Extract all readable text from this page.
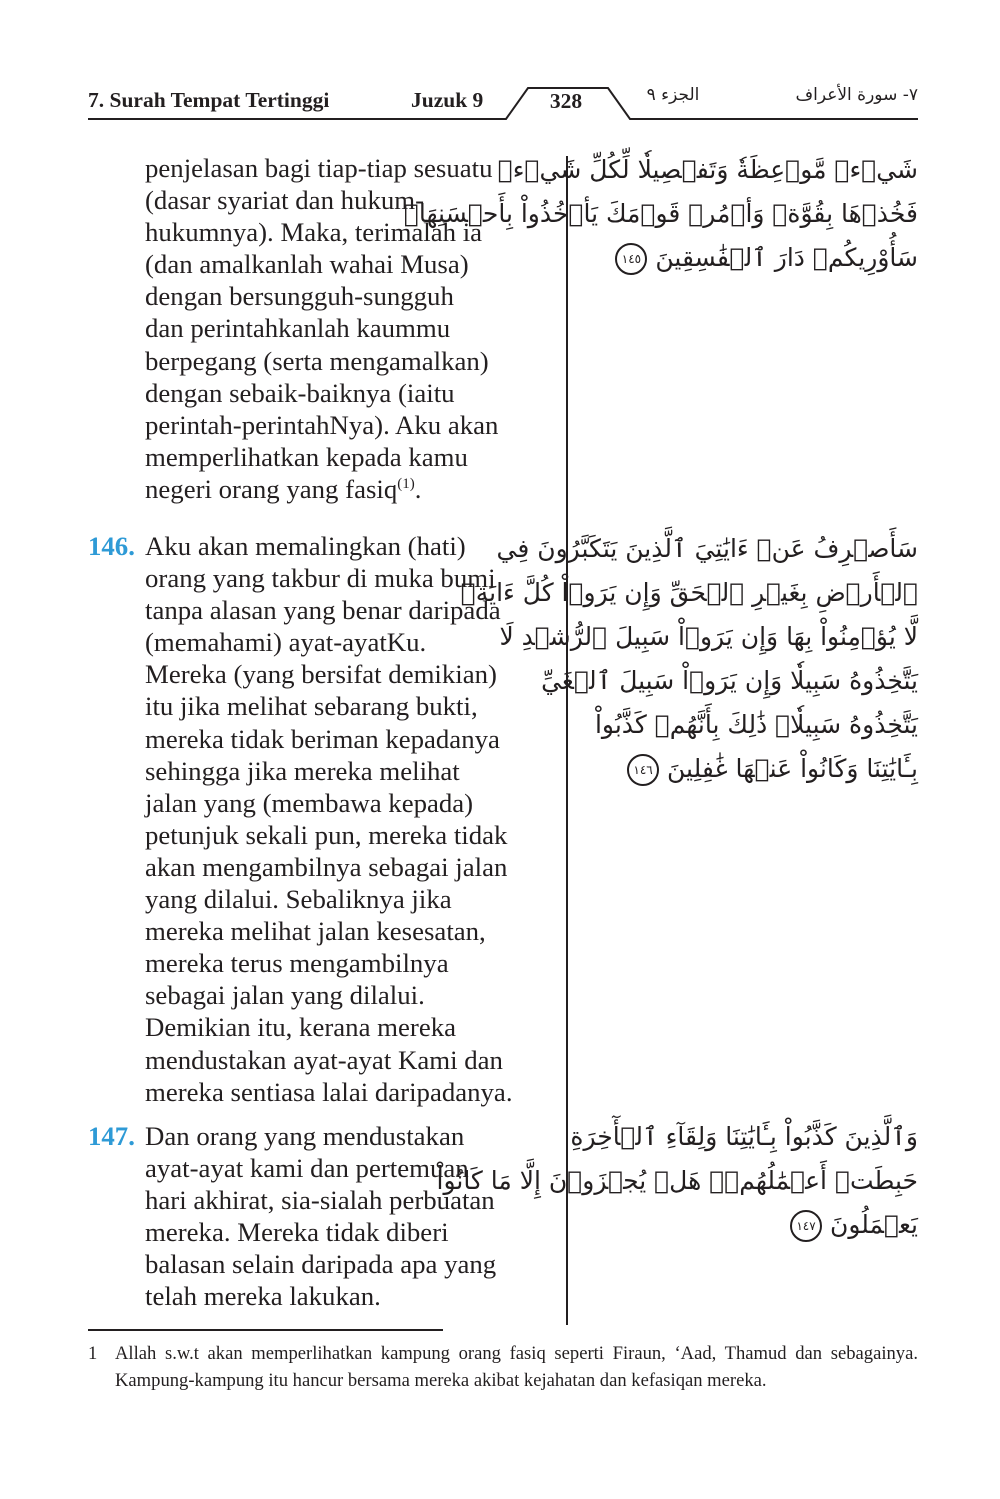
7. Surah Tempat Tertinggi	Juzuk 9	328	الجزء ٩	٧- سورة الأعراف
penjelasan bagi tiap-tiap sesuatu
(dasar syariat dan hukum-
hukumnya). Maka, terimalah ia
(dan amalkanlah wahai Musa)
dengan bersungguh-sungguh
dan perintahkanlah kaummu
berpegang (serta mengamalkan)
dengan sebaik-baiknya (iaitu
perintah-perintahNya). Aku akan
memperlihatkan kepada kamu
negeri orang yang fasiq$^{(1)}$.
شَيۡءٖ مَّوۡعِظَةٗ وَتَفۡصِيلٗا لِّكُلِّ شَيۡءٖ
فَخُذۡهَا بِقُوَّةٖ وَأۡمُرۡ قَوۡمَكَ يَأۡخُذُواْ بِأَحۡسَنِهَاۚ
سَأُوْرِيكُمۡ دَارَ ٱلۡفَٰسِقِينَ ١٤٥
146. Aku akan memalingkan (hati)
orang yang takbur di muka bumi
tanpa alasan yang benar daripada
(memahami) ayat-ayatKu.
Mereka (yang bersifat demikian)
itu jika melihat sebarang bukti,
mereka tidak beriman kepadanya
sehingga jika mereka melihat
jalan yang (membawa kepada)
petunjuk sekali pun, mereka tidak
akan mengambilnya sebagai jalan
yang dilalui. Sebaliknya jika
mereka melihat jalan kesesatan,
mereka terus mengambilnya
sebagai jalan yang dilalui.
Demikian itu, kerana mereka
mendustakan ayat-ayat Kami dan
mereka sentiasa lalai daripadanya.
سَأَصۡرِفُ عَنۡ ءَايَٰتِيَ ٱلَّذِينَ يَتَكَبَّرُونَ فِي
ٱلۡأَرۡضِ بِغَيۡرِ ٱلۡحَقِّ وَإِن يَرَوۡاْ كُلَّ ءَايَةٖ
لَّا يُؤۡمِنُواْ بِهَا وَإِن يَرَوۡاْ سَبِيلَ ٱلرُّشۡدِ لَا
يَتَّخِذُوهُ سَبِيلٗا وَإِن يَرَوۡاْ سَبِيلَ ٱلۡغَيِّ
يَتَّخِذُوهُ سَبِيلٗاۚ ذَٰلِكَ بِأَنَّهُمۡ كَذَّبُواْ
بِـَٔايَٰتِنَا وَكَانُواْ عَنۡهَا غَٰفِلِينَ ١٤٦
147. Dan orang yang mendustakan
ayat-ayat kami dan pertemuan
hari akhirat, sia-sialah perbuatan
mereka. Mereka tidak diberi
balasan selain daripada apa yang
telah mereka lakukan.
وَٱلَّذِينَ كَذَّبُواْ بِـَٔايَٰتِنَا وَلِقَآءِ ٱلۡأٓخِرَةِ
حَبِطَتۡ أَعۡمَٰلُهُمۡۚ هَلۡ يُجۡزَوۡنَ إِلَّا مَا كَانُواْ
يَعۡمَلُونَ ١٤٧
1 Allah s.w.t akan memperlihatkan kampung orang fasiq seperti Firaun, ‘Aad, Thamud dan sebagainya. Kampung-kampung itu hancur bersama mereka akibat kejahatan dan kefasiqan mereka.
